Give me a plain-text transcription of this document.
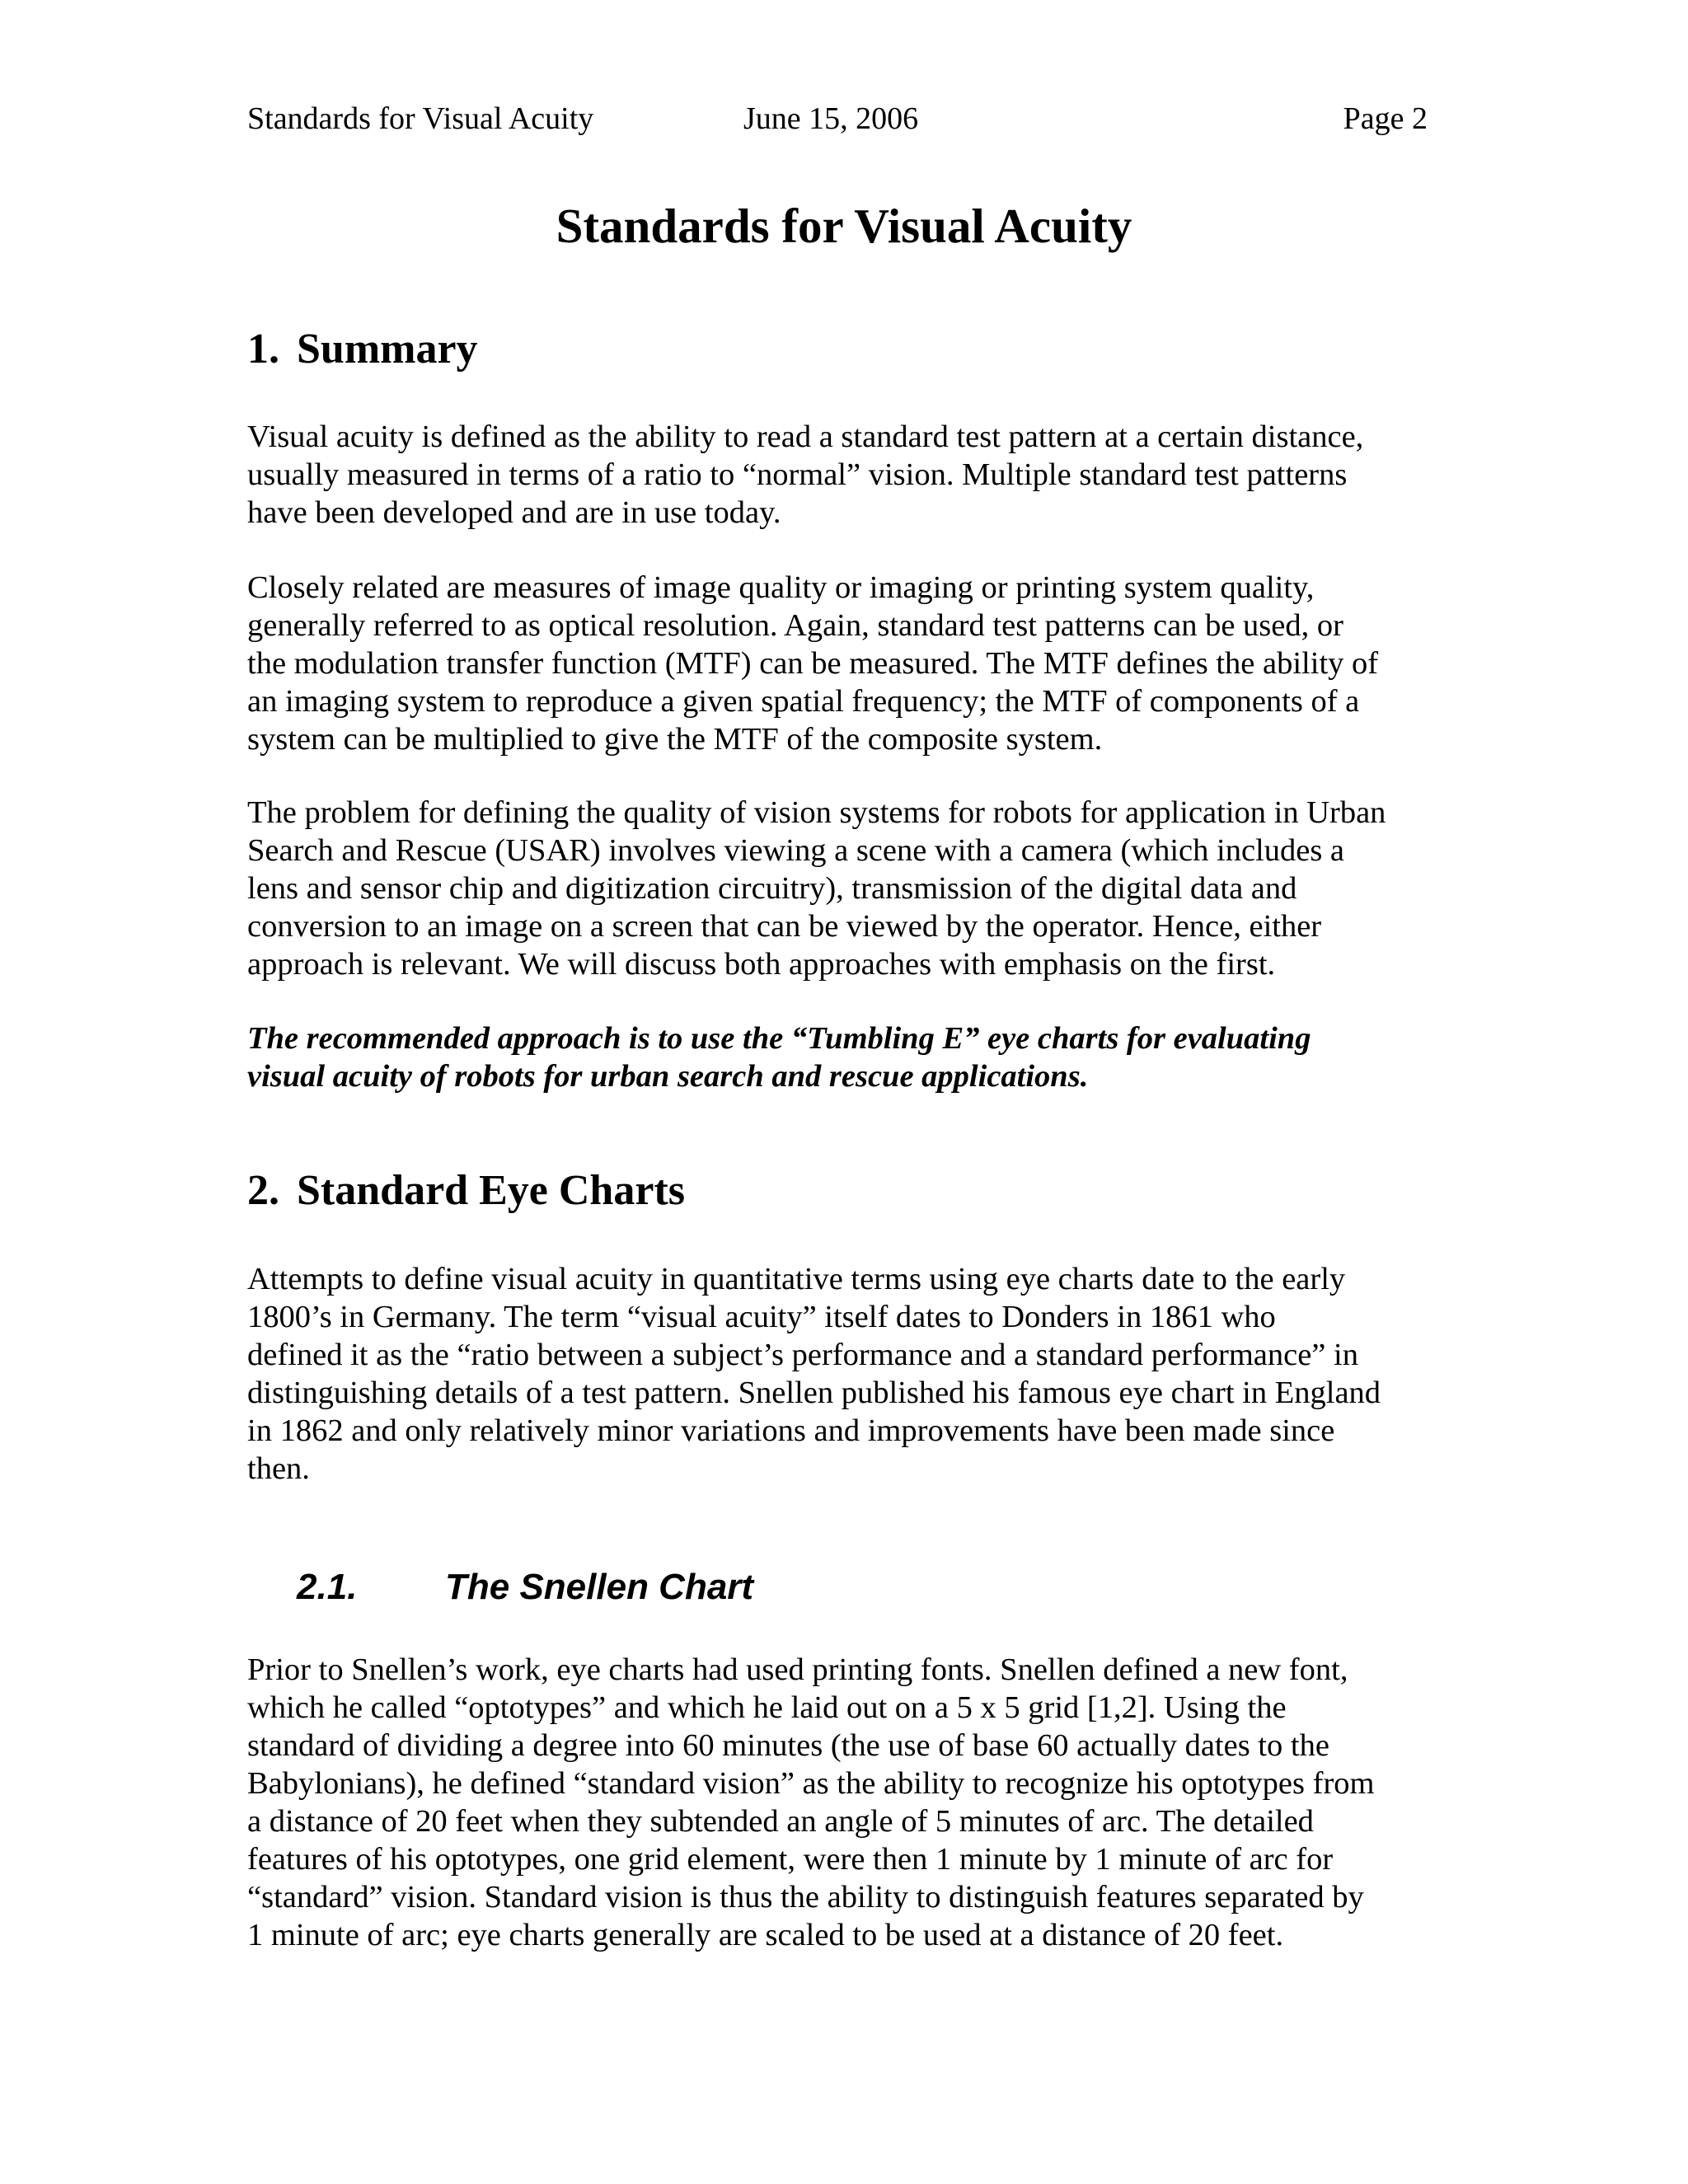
Standards for Visual Acuity	June 15, 2006	Page 2
Standards for Visual Acuity
1. Summary

Visual acuity is defined as the ability to read a standard test pattern at a certain distance,
usually measured in terms of a ratio to “normal” vision. Multiple standard test patterns
have been developed and are in use today.

Closely related are measures of image quality or imaging or printing system quality,
generally referred to as optical resolution. Again, standard test patterns can be used, or
the modulation transfer function (MTF) can be measured. The MTF defines the ability of
an imaging system to reproduce a given spatial frequency; the MTF of components of a
system can be multiplied to give the MTF of the composite system.

The problem for defining the quality of vision systems for robots for application in Urban
Search and Rescue (USAR) involves viewing a scene with a camera (which includes a
lens and sensor chip and digitization circuitry), transmission of the digital data and
conversion to an image on a screen that can be viewed by the operator. Hence, either
approach is relevant. We will discuss both approaches with emphasis on the first.

The recommended approach is to use the “Tumbling E” eye charts for evaluating
visual acuity of robots for urban search and rescue applications.

2. Standard Eye Charts

Attempts to define visual acuity in quantitative terms using eye charts date to the early
1800’s in Germany. The term “visual acuity” itself dates to Donders in 1861 who
defined it as the “ratio between a subject’s performance and a standard performance” in
distinguishing details of a test pattern. Snellen published his famous eye chart in England
in 1862 and only relatively minor variations and improvements have been made since
then.

2.1. The Snellen Chart

Prior to Snellen’s work, eye charts had used printing fonts. Snellen defined a new font,
which he called “optotypes” and which he laid out on a 5 x 5 grid [1,2]. Using the
standard of dividing a degree into 60 minutes (the use of base 60 actually dates to the
Babylonians), he defined “standard vision” as the ability to recognize his optotypes from
a distance of 20 feet when they subtended an angle of 5 minutes of arc. The detailed
features of his optotypes, one grid element, were then 1 minute by 1 minute of arc for
“standard” vision. Standard vision is thus the ability to distinguish features separated by
1 minute of arc; eye charts generally are scaled to be used at a distance of 20 feet.
